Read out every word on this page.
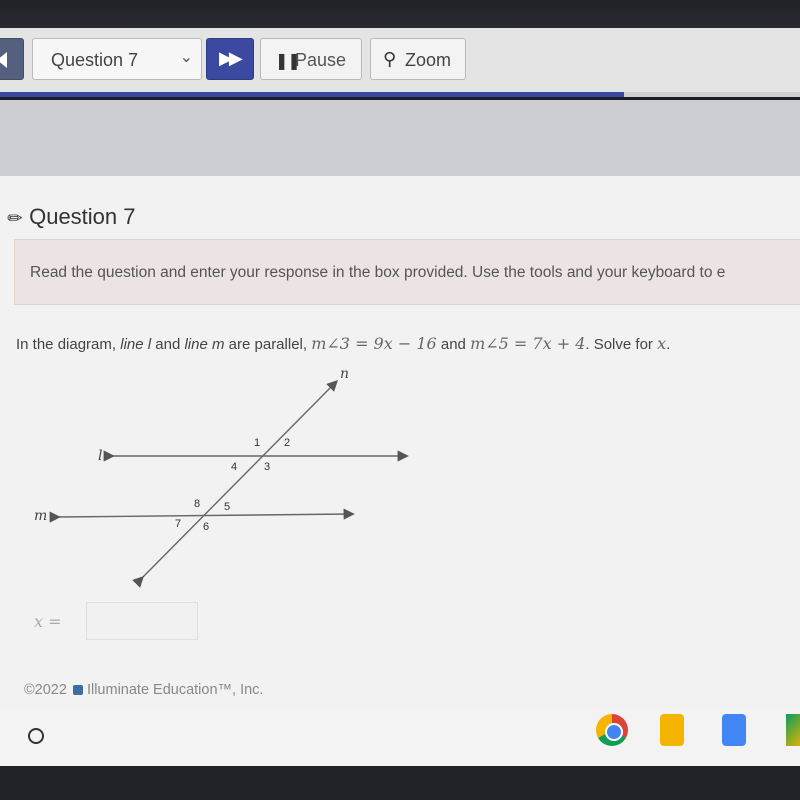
Question 7	⌄ ▶▶ ❚❚
Pause ⚲ Zoom
✎Question 7
Read the question and enter your response in the box provided. Use the tools and your keyboard to e
In the diagram, line l and line m are parallel, m∠3 = 9x − 16 and m∠5 = 7x + 4. Solve for x.
n
l
m
1 2
3
4
5
6
7
8
x =
©2022 Illuminate Education™, Inc.
